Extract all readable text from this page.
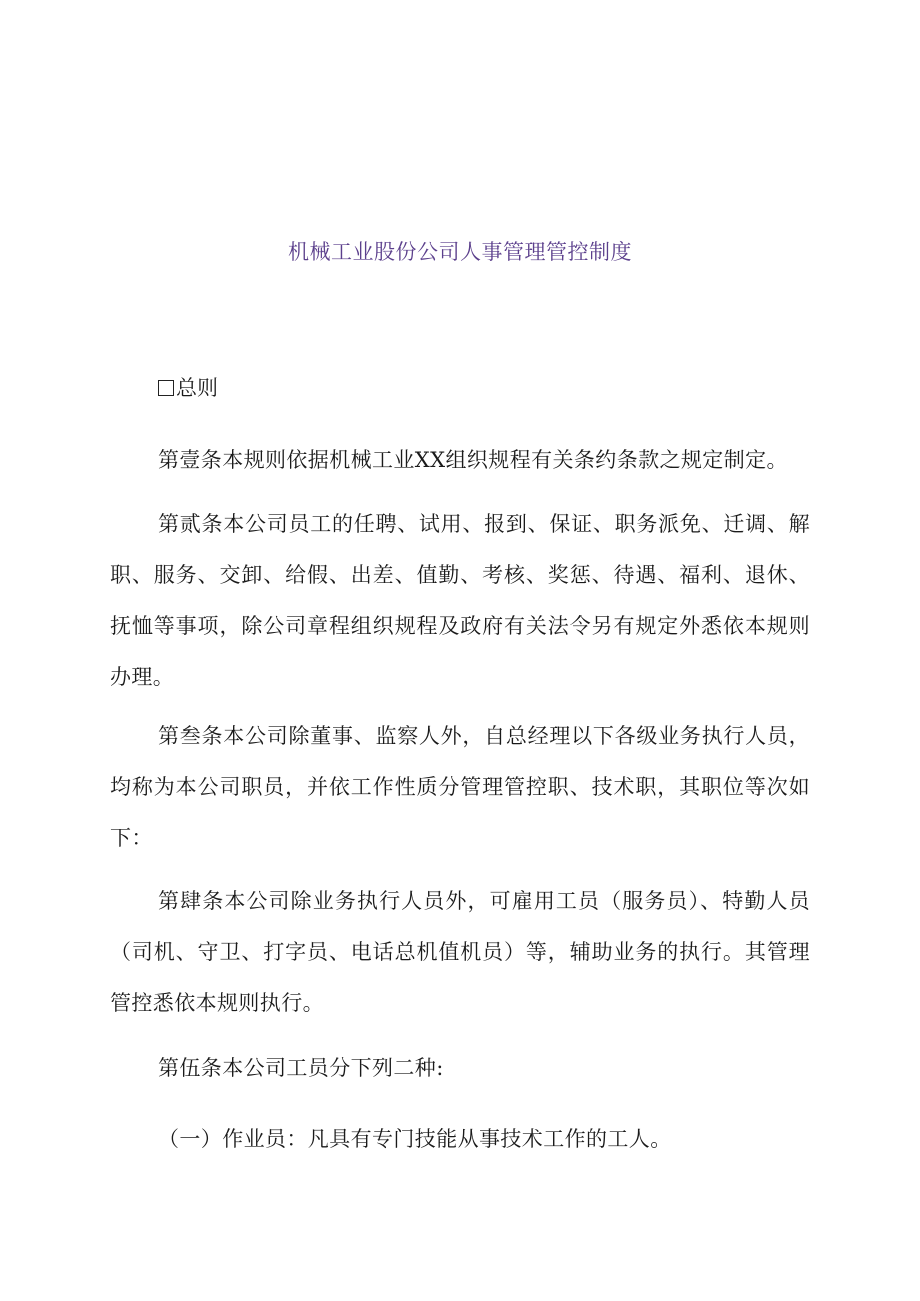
机械工业股份公司人事管理管控制度
总则

第壹条本规则依据机械工业XX组织规程有关条约条款之规定制定。

第贰条本公司员工的任聘、试用、报到、保证、职务派免、迁调、解职、服务、交卸、给假、出差、值勤、考核、奖惩、待遇、福利、退休、抚恤等事项，除公司章程组织规程及政府有关法令另有规定外悉依本规则办理。

第叁条本公司除董事、监察人外，自总经理以下各级业务执行人员，均称为本公司职员，并依工作性质分管理管控职、技术职，其职位等次如下：

第肆条本公司除业务执行人员外，可雇用工员（服务员）、特勤人员（司机、守卫、打字员、电话总机值机员）等，辅助业务的执行。其管理管控悉依本规则执行。

第伍条本公司工员分下列二种:

（一）作业员：凡具有专门技能从事技术工作的工人。
